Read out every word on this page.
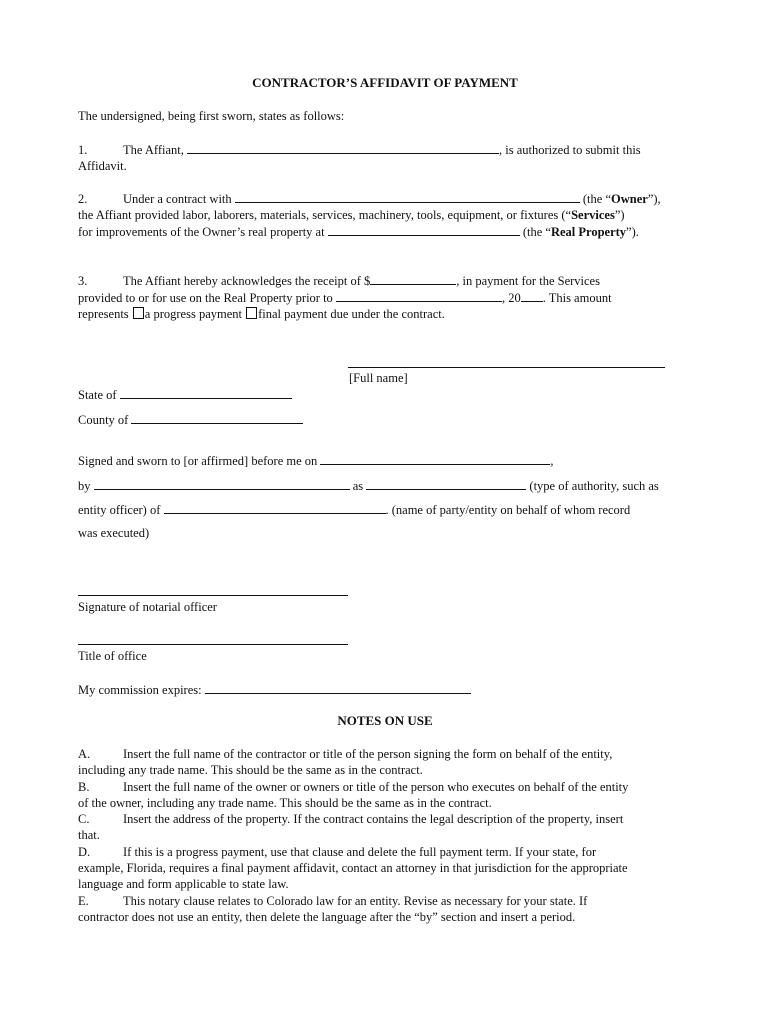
CONTRACTOR’S AFFIDAVIT OF PAYMENT
The undersigned, being first sworn, states as follows:
1.	The Affiant,	, is authorized to submit this
Affidavit.
2.	Under a contract with	(the “Owner”),
the Affiant provided labor, laborers, materials, services, machinery, tools, equipment, or fixtures (“Services”)
for improvements of the Owner’s real property at	(the “Real Property”).
3.	The Affiant hereby acknowledges the receipt of $	, in payment for the Services
provided to or for use on the Real Property prior to	, 20 . This amount
represents a progress payment final payment due under the contract.
[Full name]
State of
County of
Signed and sworn to [or affirmed] before me on	,
by	as	(type of authority, such as
entity officer) of	. (name of party/entity on behalf of whom record
was executed)
Signature of notarial officer
Title of office
My commission expires:
NOTES ON USE
A.	Insert the full name of the contractor or title of the person signing the form on behalf of the entity,
including any trade name. This should be the same as in the contract.
B.	Insert the full name of the owner or owners or title of the person who executes on behalf of the entity
of the owner, including any trade name. This should be the same as in the contract.
C.	Insert the address of the property. If the contract contains the legal description of the property, insert
that.
D.	If this is a progress payment, use that clause and delete the full payment term. If your state, for
example, Florida, requires a final payment affidavit, contact an attorney in that jurisdiction for the appropriate
language and form applicable to state law.
E.	This notary clause relates to Colorado law for an entity. Revise as necessary for your state. If
contractor does not use an entity, then delete the language after the “by” section and insert a period.
